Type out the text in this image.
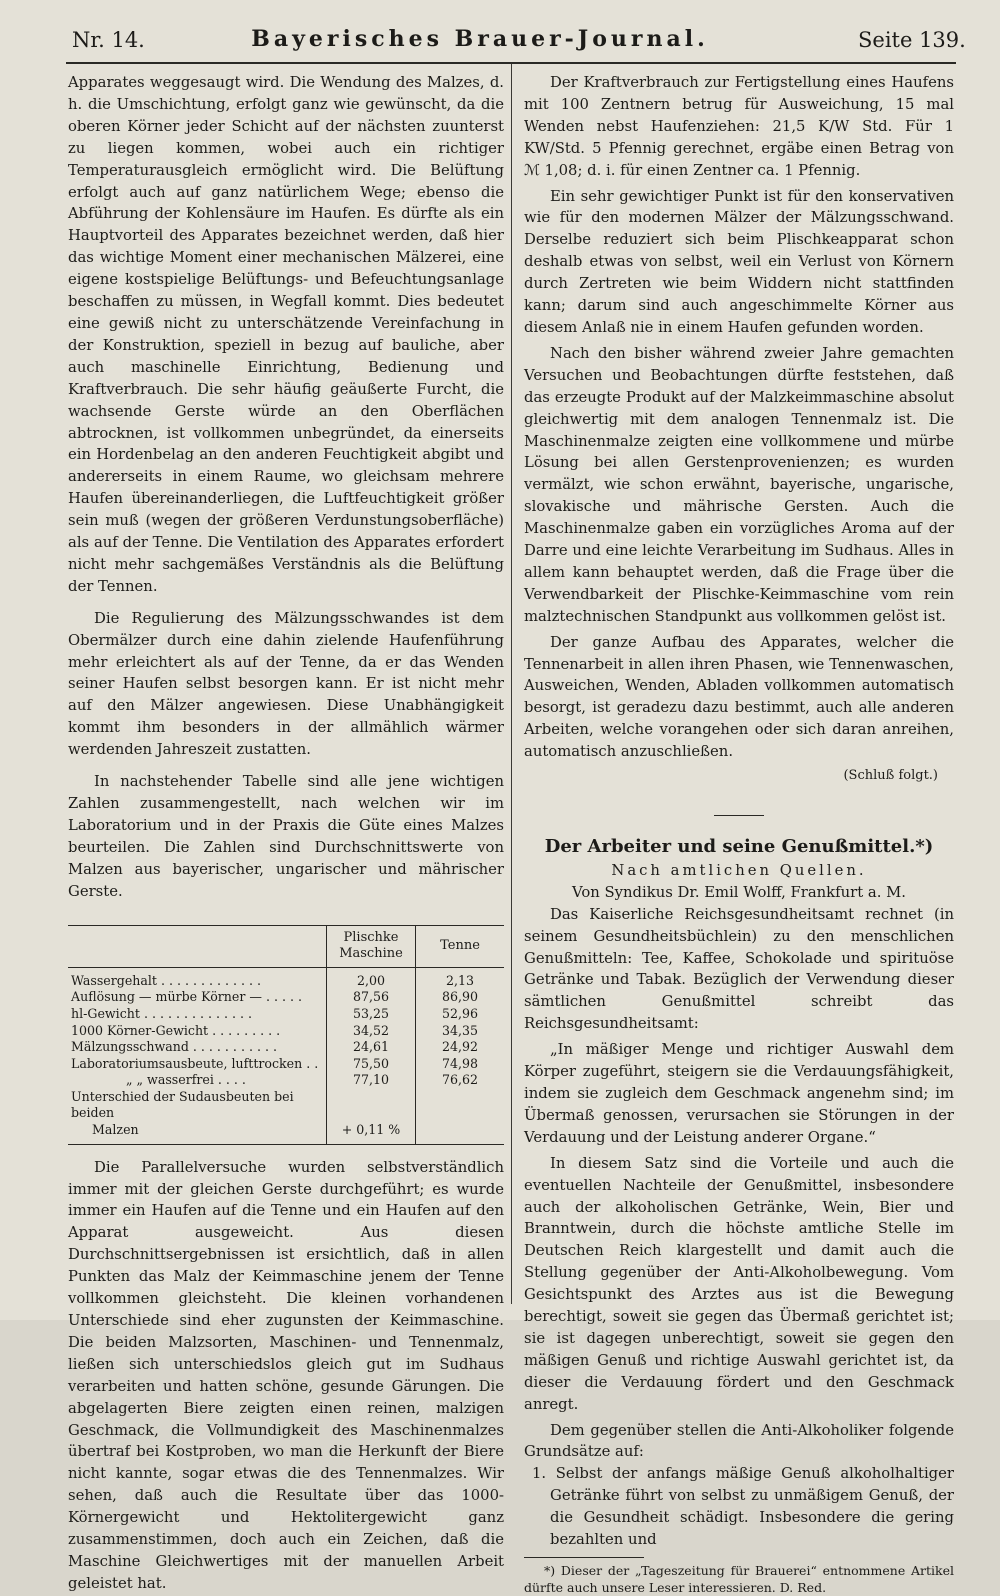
Nr. 14.	Bayerisches Brauer-Journal.	Seite 139.

Apparates weggesaugt wird. Die Wendung des Malzes, d. h. die Umschichtung, erfolgt ganz wie gewünscht, da die oberen Körner jeder Schicht auf der nächsten zuunterst zu liegen kommen, wobei auch ein richtiger Temperaturausgleich ermöglicht wird. Die Belüftung erfolgt auch auf ganz natürlichem Wege; ebenso die Abführung der Kohlensäure im Haufen. Es dürfte als ein Hauptvorteil des Apparates bezeichnet werden, daß hier das wichtige Moment einer mechanischen Mälzerei, eine eigene kostspielige Belüftungs- und Befeuchtungsanlage beschaffen zu müssen, in Wegfall kommt. Dies bedeutet eine gewiß nicht zu unterschätzende Vereinfachung in der Konstruktion, speziell in bezug auf bauliche, aber auch maschinelle Einrichtung, Bedienung und Kraftverbrauch. Die sehr häufig geäußerte Furcht, die wachsende Gerste würde an den Oberflächen abtrocknen, ist vollkommen unbegründet, da einerseits ein Hordenbelag an den anderen Feuchtigkeit abgibt und andererseits in einem Raume, wo gleichsam mehrere Haufen übereinanderliegen, die Luftfeuchtigkeit größer sein muß (wegen der größeren Verdunstungsoberfläche) als auf der Tenne. Die Ventilation des Apparates erfordert nicht mehr sachgemäßes Verständnis als die Belüftung der Tennen.

Die Regulierung des Mälzungsschwandes ist dem Obermälzer durch eine dahin zielende Haufenführung mehr erleichtert als auf der Tenne, da er das Wenden seiner Haufen selbst besorgen kann. Er ist nicht mehr auf den Mälzer angewiesen. Diese Unabhängigkeit kommt ihm besonders in der allmählich wärmer werdenden Jahreszeit zustatten.

In nachstehender Tabelle sind alle jene wichtigen Zahlen zusammengestellt, nach welchen wir im Laboratorium und in der Praxis die Güte eines Malzes beurteilen. Die Zahlen sind Durchschnittswerte von Malzen aus bayerischer, ungarischer und mährischer Gerste.

	Plischke Maschine	Tenne
Wassergehalt . . . . . . . . . . . . .	2,00	2,13
Auflösung — mürbe Körner — . . . . .	87,56	86,90
hl-Gewicht . . . . . . . . . . . . . .	53,25	52,96
1000 Körner-Gewicht . . . . . . . . .	34,52	34,35
Mälzungsschwand . . . . . . . . . . .	24,61	24,92
Laboratoriumsausbeute, lufttrocken . .	75,50	74,98
„ „ wasserfrei . . . .	77,10	76,62
Unterschied der Sudausbeuten bei beiden		
Malzen	+ 0,11 %	

Die Parallelversuche wurden selbstverständlich immer mit der gleichen Gerste durchgeführt; es wurde immer ein Haufen auf die Tenne und ein Haufen auf den Apparat ausgeweicht. Aus diesen Durchschnittsergebnissen ist ersichtlich, daß in allen Punkten das Malz der Keimmaschine jenem der Tenne vollkommen gleichsteht. Die kleinen vorhandenen Unterschiede sind eher zugunsten der Keimmaschine. Die beiden Malzsorten, Maschinen- und Tennenmalz, ließen sich unterschiedslos gleich gut im Sudhaus verarbeiten und hatten schöne, gesunde Gärungen. Die abgelagerten Biere zeigten einen reinen, malzigen Geschmack, die Vollmundigkeit des Maschinenmalzes übertraf bei Kostproben, wo man die Herkunft der Biere nicht kannte, sogar etwas die des Tennenmalzes. Wir sehen, daß auch die Resultate über das 1000-Körnergewicht und Hektolitergewicht ganz zusammenstimmen, doch auch ein Zeichen, daß die Maschine Gleichwertiges mit der manuellen Arbeit geleistet hat.

Der Kraftverbrauch zur Fertigstellung eines Haufens mit 100 Zentnern betrug für Ausweichung, 15 mal Wenden nebst Haufenziehen: 21,5 K/W Std. Für 1 KW/Std. 5 Pfennig gerechnet, ergäbe einen Betrag von ℳ 1,08; d. i. für einen Zentner ca. 1 Pfennig.

Ein sehr gewichtiger Punkt ist für den konservativen wie für den modernen Mälzer der Mälzungsschwand. Derselbe reduziert sich beim Plischkeapparat schon deshalb etwas von selbst, weil ein Verlust von Körnern durch Zertreten wie beim Widdern nicht stattfinden kann; darum sind auch angeschimmelte Körner aus diesem Anlaß nie in einem Haufen gefunden worden.

Nach den bisher während zweier Jahre gemachten Versuchen und Beobachtungen dürfte feststehen, daß das erzeugte Produkt auf der Malzkeimmaschine absolut gleichwertig mit dem analogen Tennenmalz ist. Die Maschinenmalze zeigten eine vollkommene und mürbe Lösung bei allen Gerstenprovenienzen; es wurden vermälzt, wie schon erwähnt, bayerische, ungarische, slovakische und mährische Gersten. Auch die Maschinenmalze gaben ein vorzügliches Aroma auf der Darre und eine leichte Verarbeitung im Sudhaus. Alles in allem kann behauptet werden, daß die Frage über die Verwendbarkeit der Plischke-Keimmaschine vom rein malztechnischen Standpunkt aus vollkommen gelöst ist.

Der ganze Aufbau des Apparates, welcher die Tennenarbeit in allen ihren Phasen, wie Tennenwaschen, Ausweichen, Wenden, Abladen vollkommen automatisch besorgt, ist geradezu dazu bestimmt, auch alle anderen Arbeiten, welche vorangehen oder sich daran anreihen, automatisch anzuschließen.

(Schluß folgt.)

Der Arbeiter und seine Genußmittel.*)

Nach amtlichen Quellen.

Von Syndikus Dr. Emil Wolff, Frankfurt a. M.

Das Kaiserliche Reichsgesundheitsamt rechnet (in seinem Gesundheitsbüchlein) zu den menschlichen Genußmitteln: Tee, Kaffee, Schokolade und spirituöse Getränke und Tabak. Bezüglich der Verwendung dieser sämtlichen Genußmittel schreibt das Reichsgesundheitsamt:

„In mäßiger Menge und richtiger Auswahl dem Körper zugeführt, steigern sie die Verdauungsfähigkeit, indem sie zugleich dem Geschmack angenehm sind; im Übermaß genossen, verursachen sie Störungen in der Verdauung und der Leistung anderer Organe.“

In diesem Satz sind die Vorteile und auch die eventuellen Nachteile der Genußmittel, insbesondere auch der alkoholischen Getränke, Wein, Bier und Branntwein, durch die höchste amtliche Stelle im Deutschen Reich klargestellt und damit auch die Stellung gegenüber der Anti-Alkoholbewegung. Vom Gesichtspunkt des Arztes aus ist die Bewegung berechtigt, soweit sie gegen das Übermaß gerichtet ist; sie ist dagegen unberechtigt, soweit sie gegen den mäßigen Genuß und richtige Auswahl gerichtet ist, da dieser die Verdauung fördert und den Geschmack anregt.

Dem gegenüber stellen die Anti-Alkoholiker folgende Grundsätze auf:

1. Selbst der anfangs mäßige Genuß alkoholhaltiger Getränke führt von selbst zu unmäßigem Genuß, der die Gesundheit schädigt. Insbesondere die gering bezahlten und

*) Dieser der „Tageszeitung für Brauerei“ entnommene Artikel dürfte auch unsere Leser interessieren. D. Red.
